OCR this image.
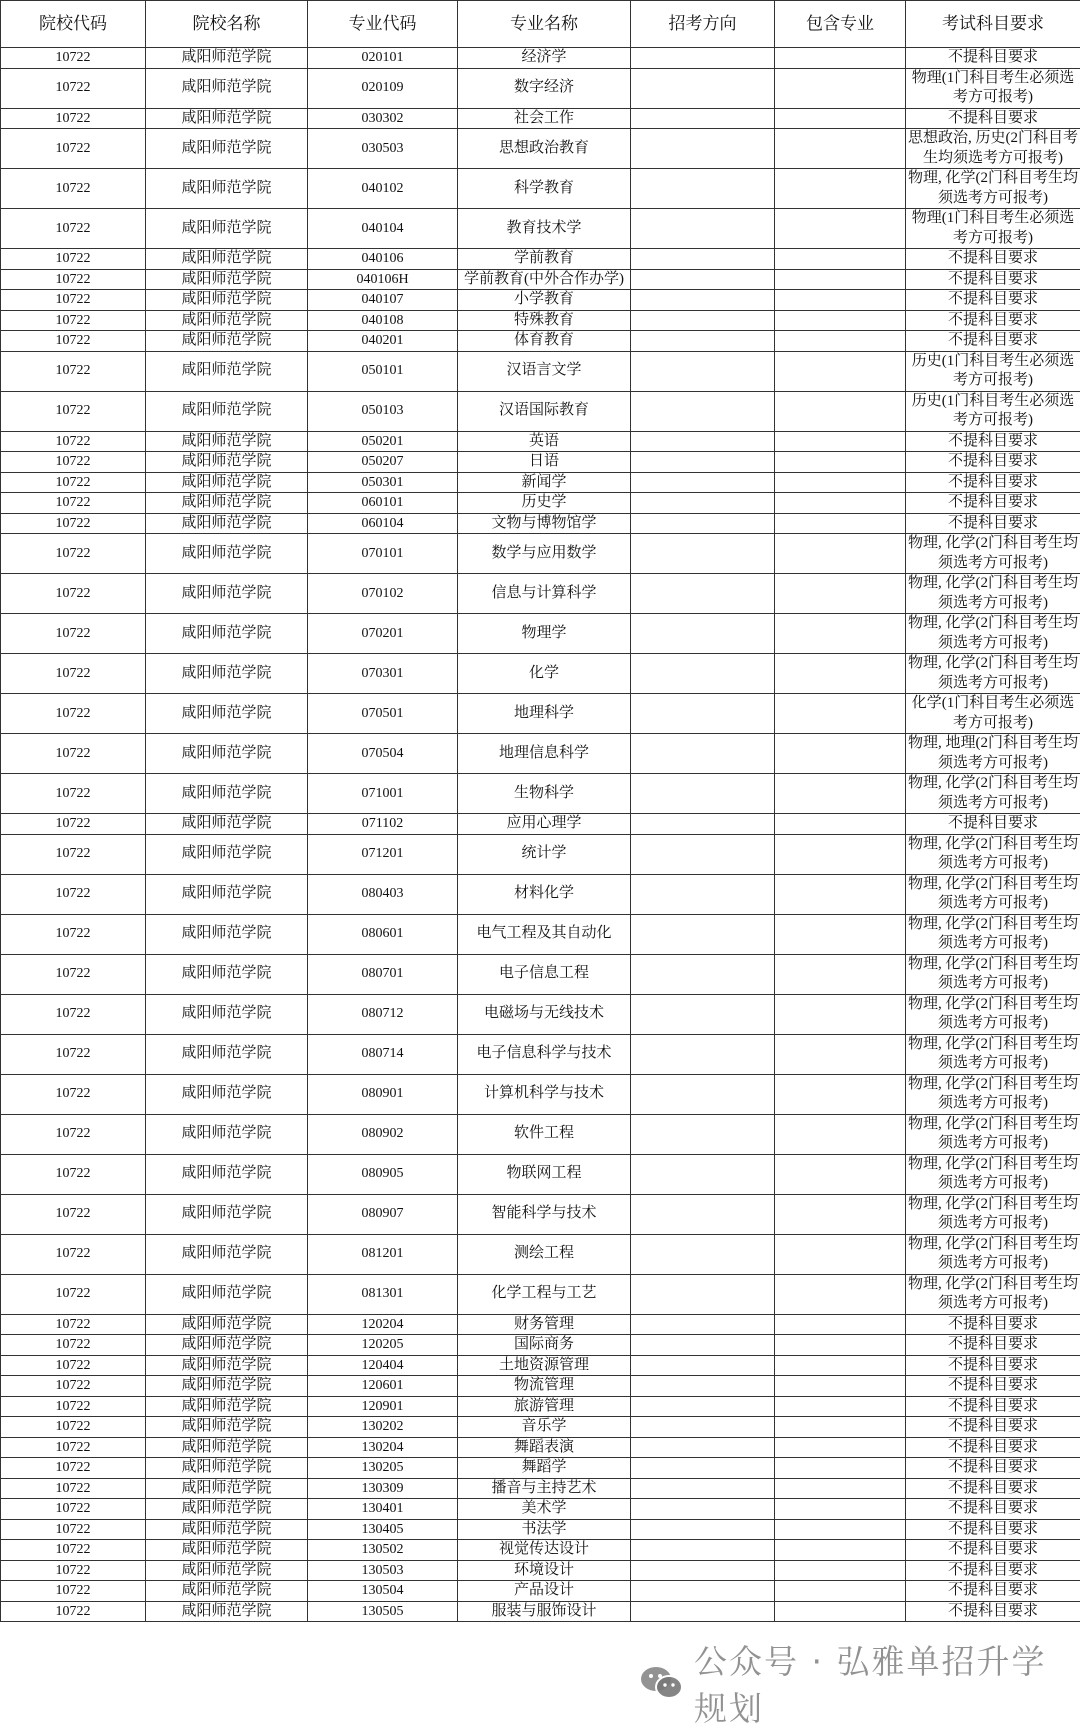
院校代码	院校名称	专业代码	专业名称	招考方向	包含专业	考试科目要求
10722	咸阳师范学院	020101	经济学			不提科目要求
10722	咸阳师范学院	020109	数字经济			物理(1门科目考生必须选考方可报考)
10722	咸阳师范学院	030302	社会工作			不提科目要求
10722	咸阳师范学院	030503	思想政治教育			思想政治, 历史(2门科目考生均须选考方可报考)
10722	咸阳师范学院	040102	科学教育			物理, 化学(2门科目考生均须选考方可报考)
10722	咸阳师范学院	040104	教育技术学			物理(1门科目考生必须选考方可报考)
10722	咸阳师范学院	040106	学前教育			不提科目要求
10722	咸阳师范学院	040106H	学前教育(中外合作办学)			不提科目要求
10722	咸阳师范学院	040107	小学教育			不提科目要求
10722	咸阳师范学院	040108	特殊教育			不提科目要求
10722	咸阳师范学院	040201	体育教育			不提科目要求
10722	咸阳师范学院	050101	汉语言文学			历史(1门科目考生必须选考方可报考)
10722	咸阳师范学院	050103	汉语国际教育			历史(1门科目考生必须选考方可报考)
10722	咸阳师范学院	050201	英语			不提科目要求
10722	咸阳师范学院	050207	日语			不提科目要求
10722	咸阳师范学院	050301	新闻学			不提科目要求
10722	咸阳师范学院	060101	历史学			不提科目要求
10722	咸阳师范学院	060104	文物与博物馆学			不提科目要求
10722	咸阳师范学院	070101	数学与应用数学			物理, 化学(2门科目考生均须选考方可报考)
10722	咸阳师范学院	070102	信息与计算科学			物理, 化学(2门科目考生均须选考方可报考)
10722	咸阳师范学院	070201	物理学			物理, 化学(2门科目考生均须选考方可报考)
10722	咸阳师范学院	070301	化学			物理, 化学(2门科目考生均须选考方可报考)
10722	咸阳师范学院	070501	地理科学			化学(1门科目考生必须选考方可报考)
10722	咸阳师范学院	070504	地理信息科学			物理, 地理(2门科目考生均须选考方可报考)
10722	咸阳师范学院	071001	生物科学			物理, 化学(2门科目考生均须选考方可报考)
10722	咸阳师范学院	071102	应用心理学			不提科目要求
10722	咸阳师范学院	071201	统计学			物理, 化学(2门科目考生均须选考方可报考)
10722	咸阳师范学院	080403	材料化学			物理, 化学(2门科目考生均须选考方可报考)
10722	咸阳师范学院	080601	电气工程及其自动化			物理, 化学(2门科目考生均须选考方可报考)
10722	咸阳师范学院	080701	电子信息工程			物理, 化学(2门科目考生均须选考方可报考)
10722	咸阳师范学院	080712	电磁场与无线技术			物理, 化学(2门科目考生均须选考方可报考)
10722	咸阳师范学院	080714	电子信息科学与技术			物理, 化学(2门科目考生均须选考方可报考)
10722	咸阳师范学院	080901	计算机科学与技术			物理, 化学(2门科目考生均须选考方可报考)
10722	咸阳师范学院	080902	软件工程			物理, 化学(2门科目考生均须选考方可报考)
10722	咸阳师范学院	080905	物联网工程			物理, 化学(2门科目考生均须选考方可报考)
10722	咸阳师范学院	080907	智能科学与技术			物理, 化学(2门科目考生均须选考方可报考)
10722	咸阳师范学院	081201	测绘工程			物理, 化学(2门科目考生均须选考方可报考)
10722	咸阳师范学院	081301	化学工程与工艺			物理, 化学(2门科目考生均须选考方可报考)
10722	咸阳师范学院	120204	财务管理			不提科目要求
10722	咸阳师范学院	120205	国际商务			不提科目要求
10722	咸阳师范学院	120404	土地资源管理			不提科目要求
10722	咸阳师范学院	120601	物流管理			不提科目要求
10722	咸阳师范学院	120901	旅游管理			不提科目要求
10722	咸阳师范学院	130202	音乐学			不提科目要求
10722	咸阳师范学院	130204	舞蹈表演			不提科目要求
10722	咸阳师范学院	130205	舞蹈学			不提科目要求
10722	咸阳师范学院	130309	播音与主持艺术			不提科目要求
10722	咸阳师范学院	130401	美术学			不提科目要求
10722	咸阳师范学院	130405	书法学			不提科目要求
10722	咸阳师范学院	130502	视觉传达设计			不提科目要求
10722	咸阳师范学院	130503	环境设计			不提科目要求
10722	咸阳师范学院	130504	产品设计			不提科目要求
10722	咸阳师范学院	130505	服装与服饰设计			不提科目要求
公众号 · 弘雅单招升学规划
